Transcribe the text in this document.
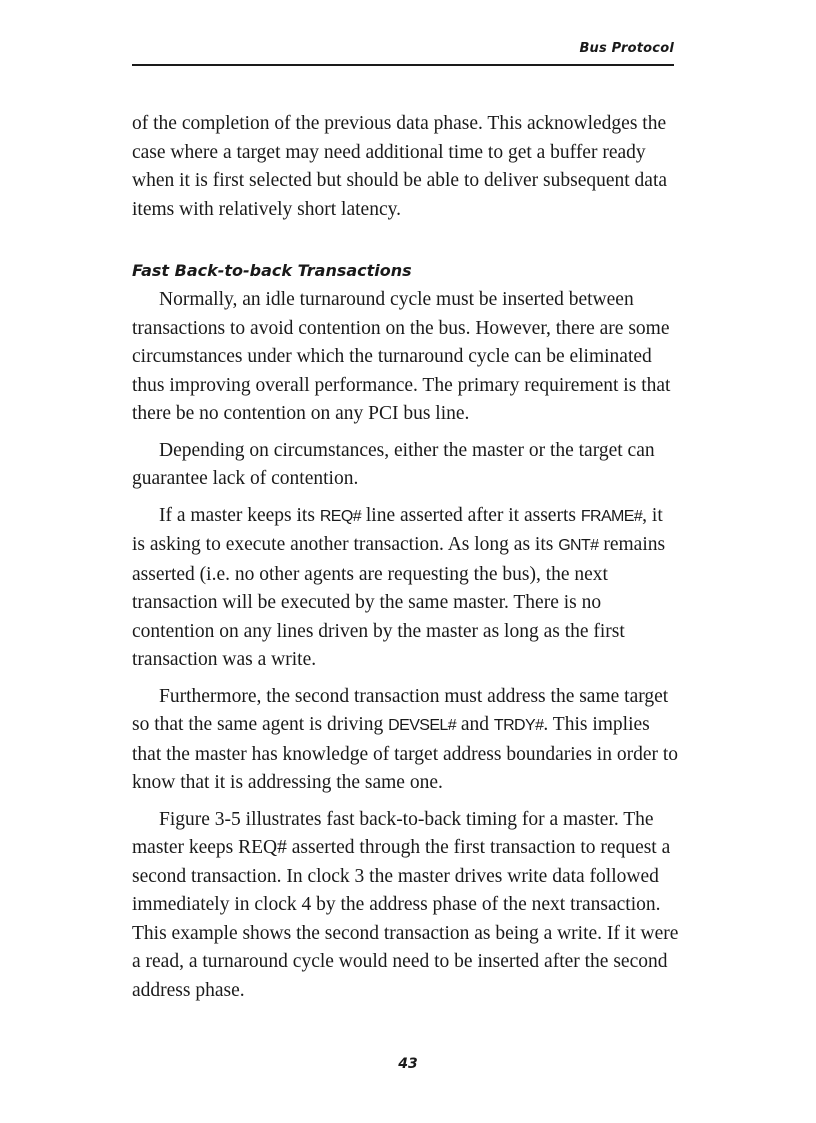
Bus Protocol

of the completion of the previous data phase. This acknowledges the case where a target may need additional time to get a buffer ready when it is first selected but should be able to deliver subsequent data items with relatively short latency.

Fast Back-to-back Transactions

Normally, an idle turnaround cycle must be inserted between transactions to avoid contention on the bus. However, there are some circumstances under which the turnaround cycle can be eliminated thus improving overall performance. The primary requirement is that there be no contention on any PCI bus line.

Depending on circumstances, either the master or the target can guarantee lack of contention.

If a master keeps its REQ# line asserted after it asserts FRAME#, it is asking to execute another transaction. As long as its GNT# remains asserted (i.e. no other agents are requesting the bus), the next transaction will be executed by the same master. There is no contention on any lines driven by the master as long as the first transaction was a write.

Furthermore, the second transaction must address the same target so that the same agent is driving DEVSEL# and TRDY#. This implies that the master has knowledge of target address boundaries in order to know that it is addressing the same one.

Figure 3-5 illustrates fast back-to-back timing for a master. The master keeps REQ# asserted through the first transaction to request a second transaction. In clock 3 the master drives write data followed immediately in clock 4 by the address phase of the next transaction. This example shows the second transaction as being a write. If it were a read, a turnaround cycle would need to be inserted after the second address phase.

43
